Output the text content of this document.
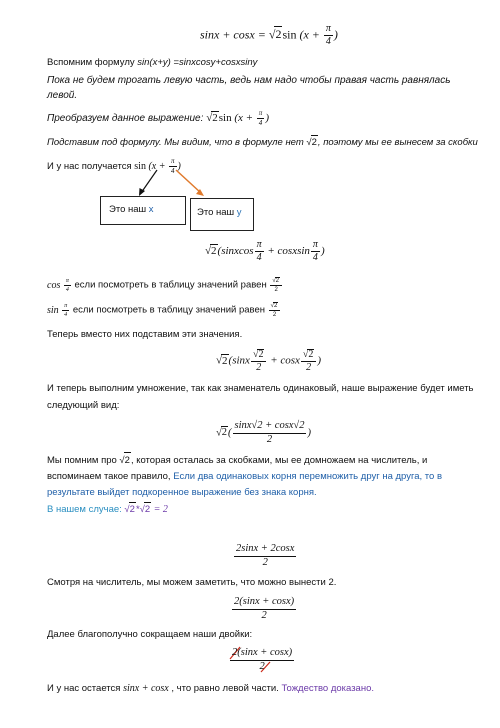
sinx + cosx = √2sin ($x + \frac{\pi}{4}$ )
Вспомним формулу sin(x+y) =sinxcosy+cosxsiny
Пока не будем трогать левую часть, ведь нам надо чтобы правая часть равнялась левой.
Преобразуем данное выражение: √2sin ($x + \frac{\pi}{4}$ )
Подставим под формулу. Мы видим, что в формуле нет √2, поэтому мы ее вынесем за скобки
И у нас получается $\sin (x + \frac{\pi}{4}$ )
Это наш x	Это наш y
√2(sinxcos $\frac{\pi}{4}$ + cosxsin $\frac{\pi}{4}$ )
$\cos \frac{\pi}{4}$ если посмотреть в таблицу значений равен $\frac{√2}{2}$
$\sin \frac{\pi}{4}$ если посмотреть в таблицу значений равен $\frac{√2}{2}$
Теперь вместо них подставим эти значения.
$√2(\sin x \frac{√2}{2} + \cos x \frac{√2}{2}$ )
И теперь выполним умножение, так как знаменатель одинаковый, наше выражение будет иметь следующий вид:
$√2( \frac{\sin x√2 + \cos x√2}{2}$ )
Мы помним про √2, которая осталась за скобками, мы ее домножаем на числитель, и вспоминаем такое правило, Если два одинаковых корня перемножить друг на друга, то в результате выйдет подкоренное выражение без знака корня.
В нашем случае: √2*√2 = 2
$\frac{2\sin x + 2\cos x}{2}$
Смотря на числитель, мы можем заметить, что можно вынести 2.
$\frac{2(\sin x + \cos x)}{2}$
Далее благополучно сокращаем наши двойки:
$\frac{2(\sin x + \cos x)}{2}$
И у нас остается sinx + cosx , что равно левой части. Тождество доказано.
